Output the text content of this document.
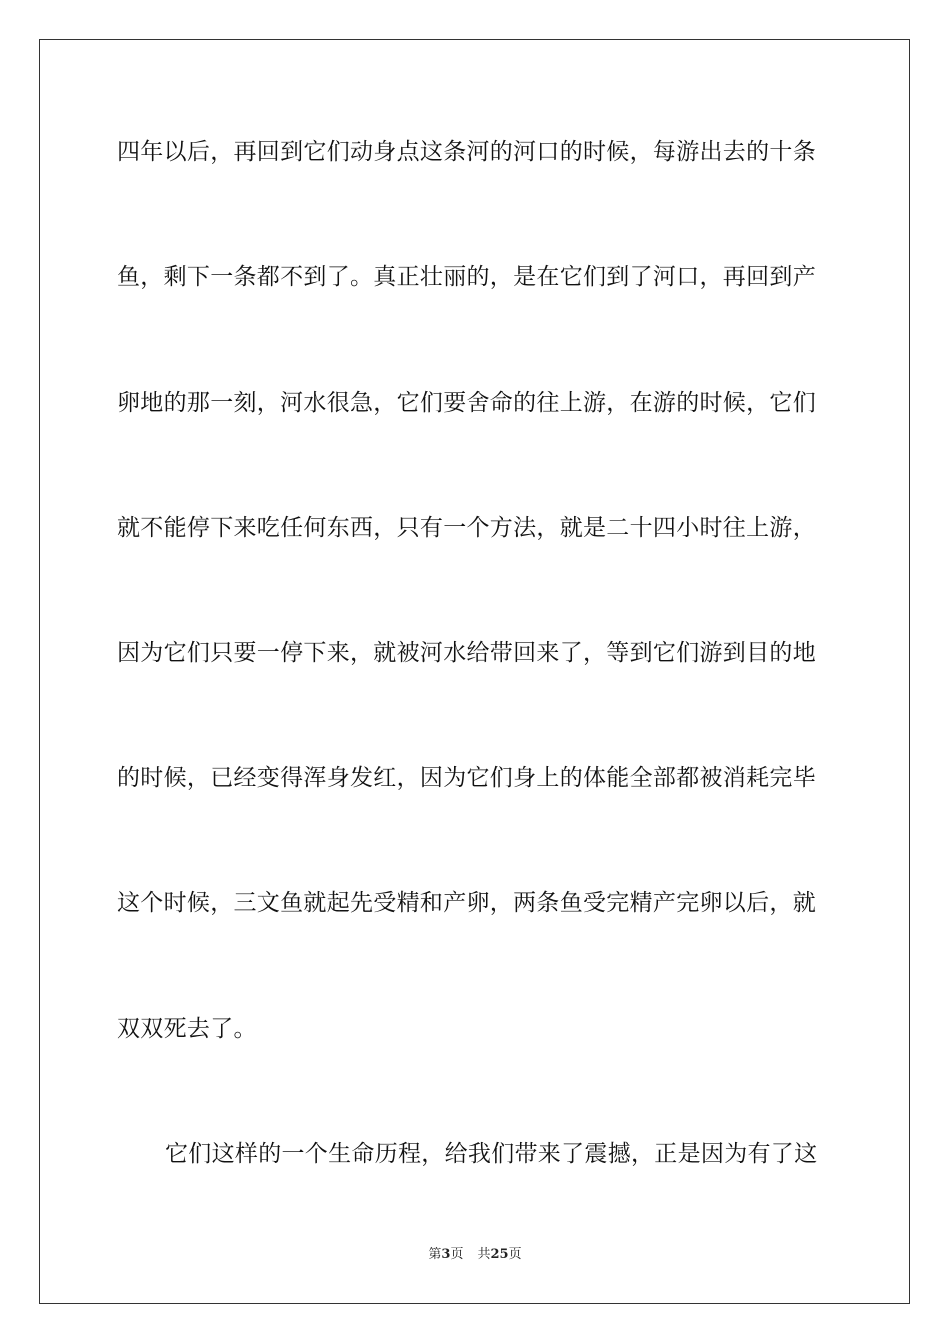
四年以后，再回到它们动身点这条河的河口的时候，每游出去的十条
鱼，剩下一条都不到了。真正壮丽的，是在它们到了河口，再回到产
卵地的那一刻，河水很急，它们要舍命的往上游，在游的时候，它们
就不能停下来吃任何东西，只有一个方法，就是二十四小时往上游，
因为它们只要一停下来，就被河水给带回来了，等到它们游到目的地
的时候，已经变得浑身发红，因为它们身上的体能全部都被消耗完毕
这个时候，三文鱼就起先受精和产卵，两条鱼受完精产完卵以后，就
双双死去了。
它们这样的一个生命历程，给我们带来了震撼，正是因为有了这
第3页 共25页
